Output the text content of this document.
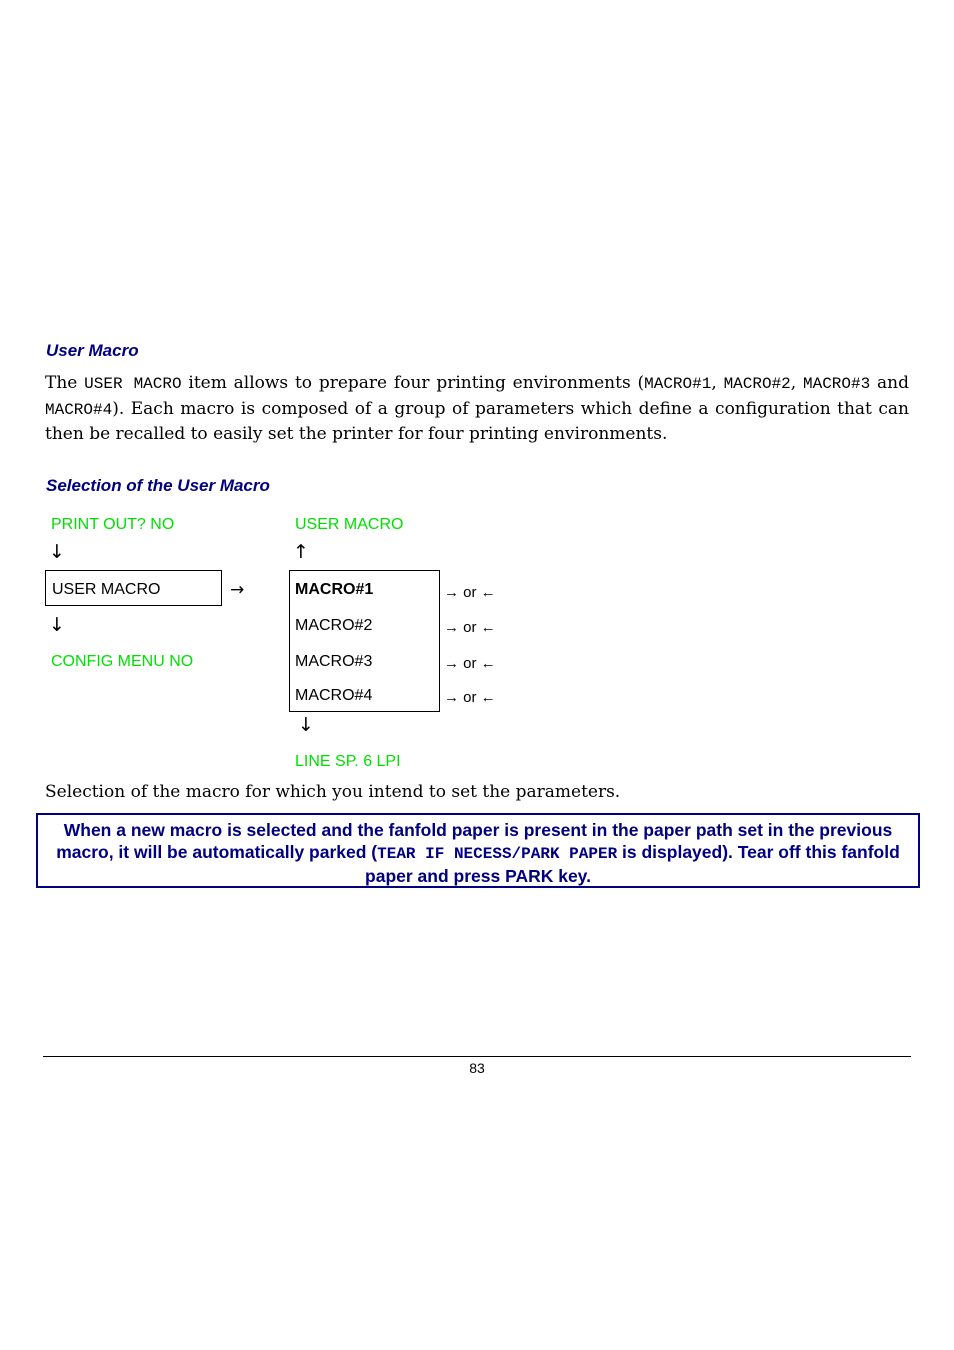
User Macro
The USER MACRO item allows to prepare four printing environments (MACRO#1, MACRO#2, MACRO#3 and MACRO#4). Each macro is composed of a group of parameters which define a configuration that can then be recalled to easily set the printer for four printing environments.
Selection of the User Macro
PRINT OUT? NO	USER MACRO
↓	↑
USER MACRO	→	MACRO#1
MACRO#2
MACRO#3
MACRO#4
→ or ←
→ or ←
→ or ←
→ or ←
↓
↓
CONFIG MENU NO
LINE SP. 6 LPI
Selection of the macro for which you intend to set the parameters.
When a new macro is selected and the fanfold paper is present in the paper path set in the previous macro, it will be automatically parked (TEAR IF NECESS/PARK PAPER is displayed). Tear off this fanfold paper and press PARK key.
83
